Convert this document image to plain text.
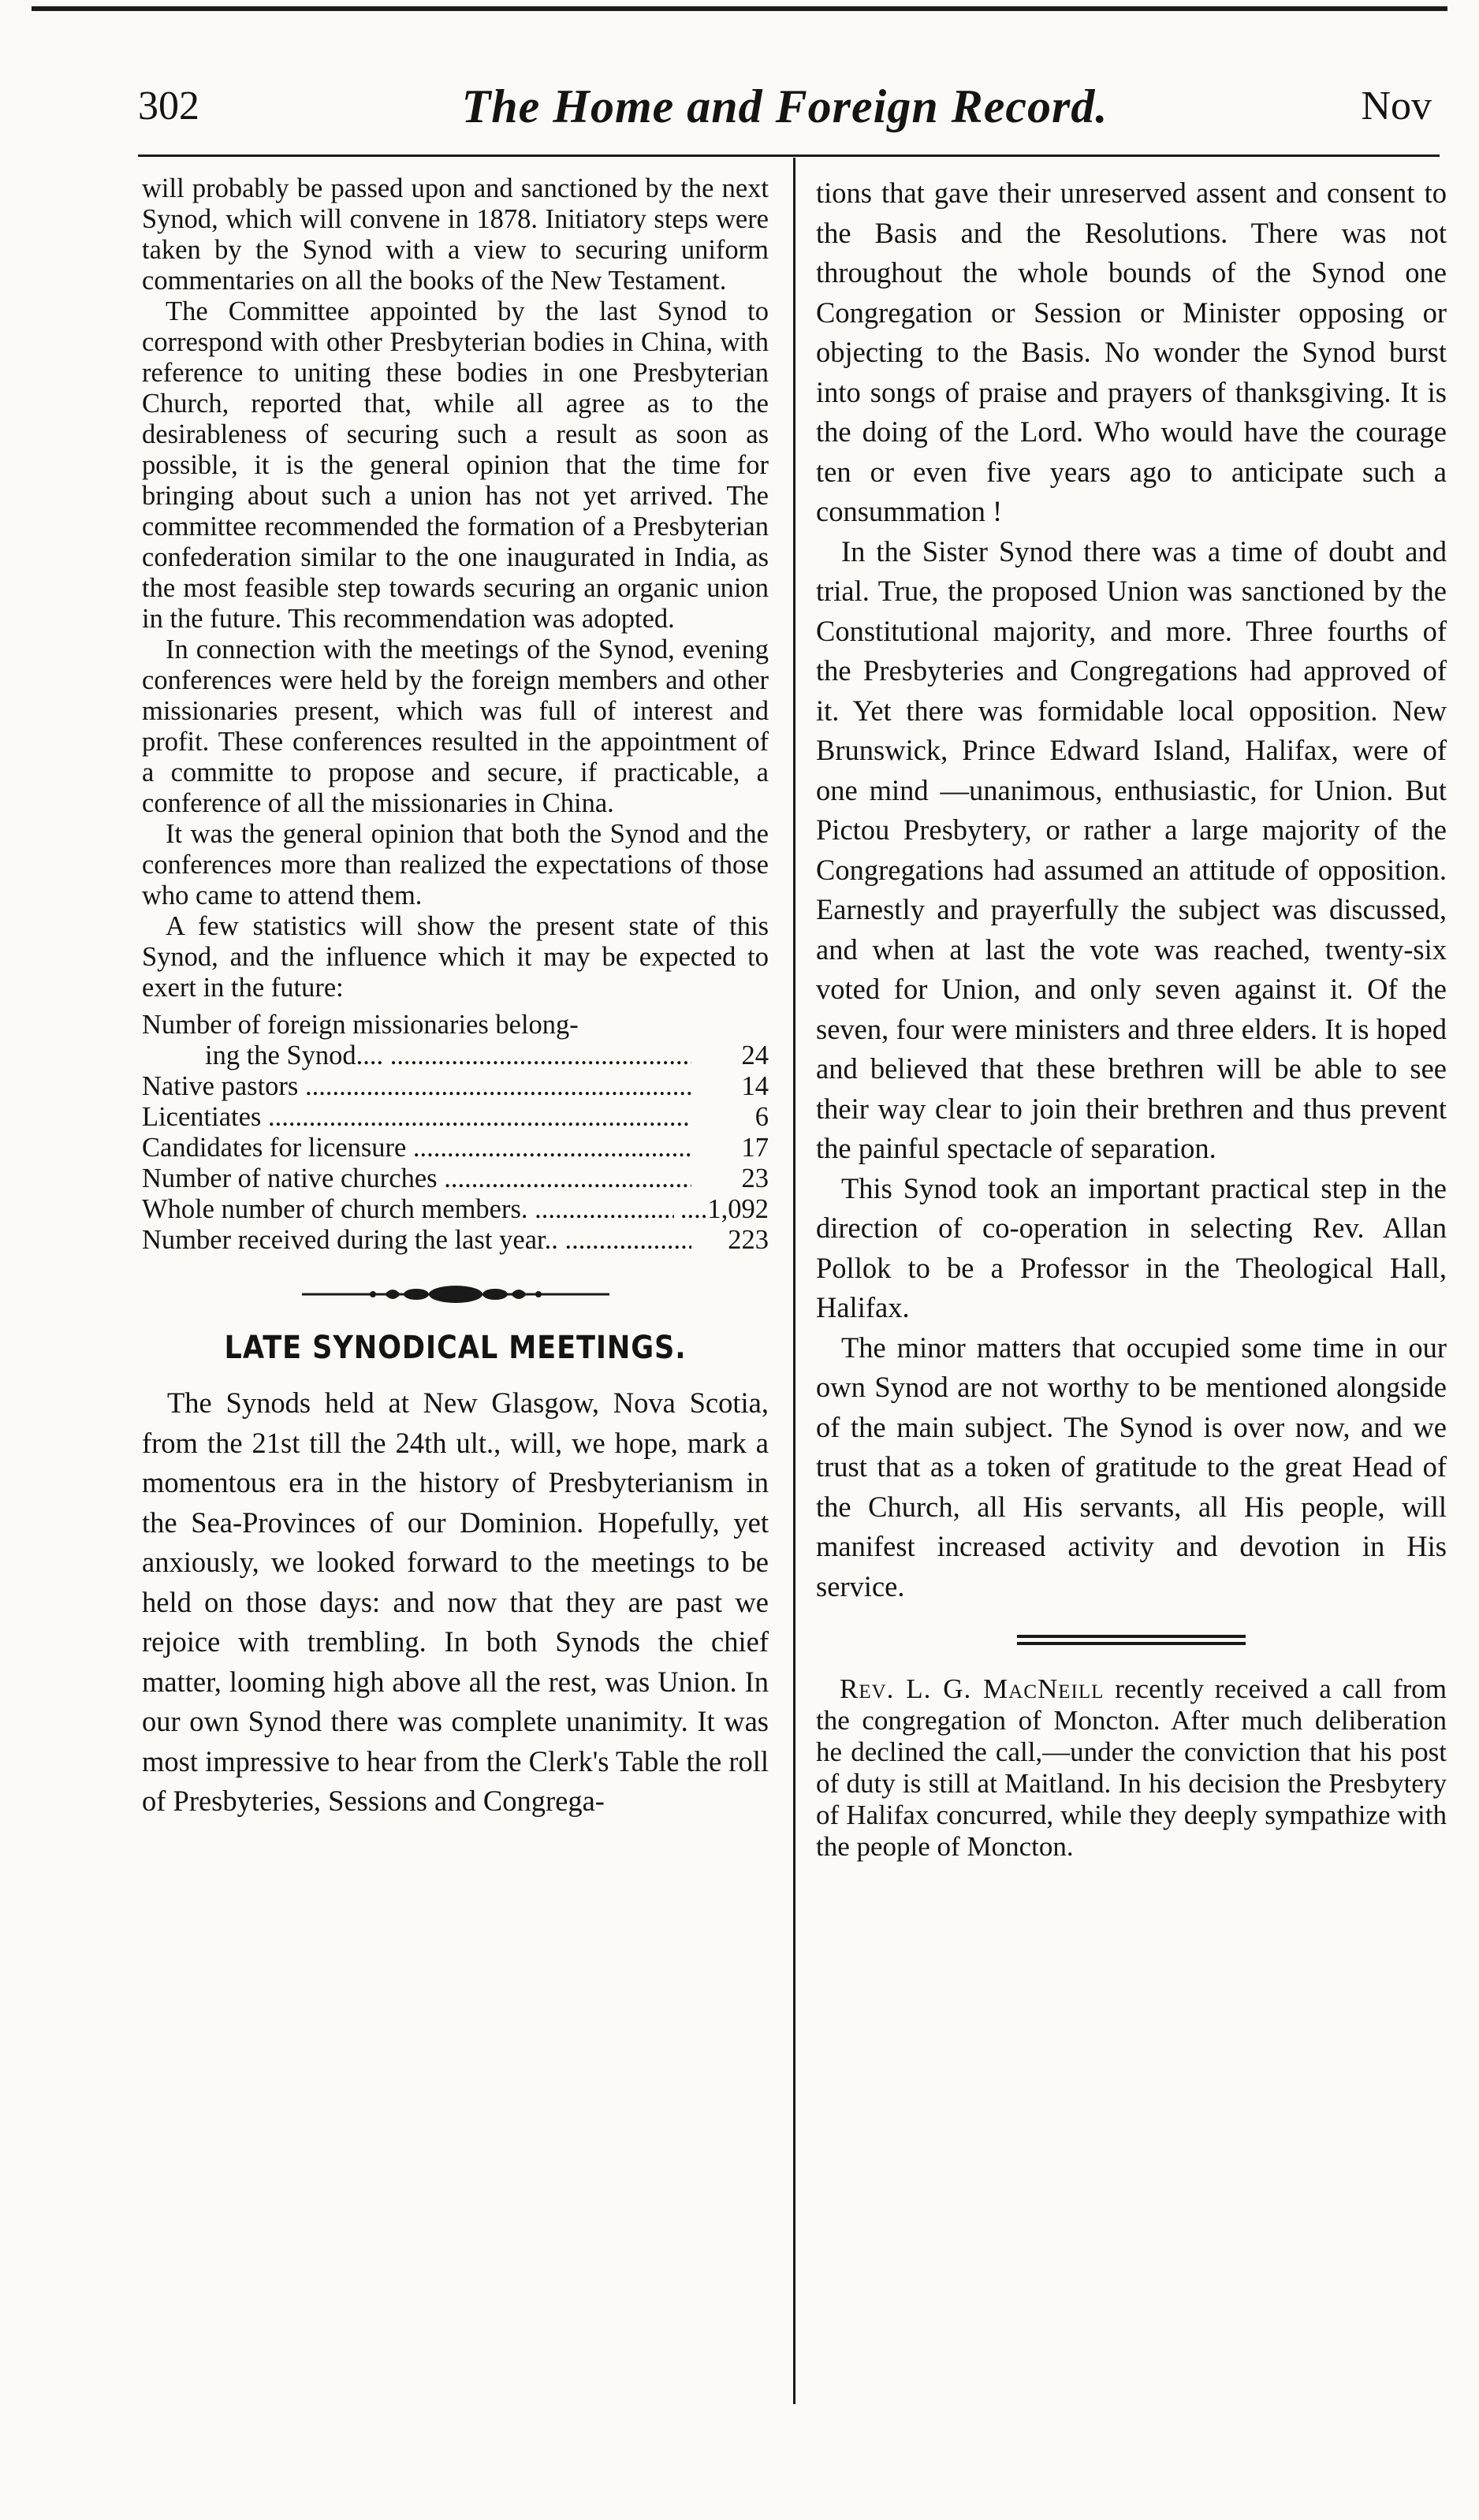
302	The Home and Foreign Record.	Nov

will probably be passed upon and sanctioned by the next Synod, which will convene in 1878. Initiatory steps were taken by the Synod with a view to securing uniform commentaries on all the books of the New Testament.

The Committee appointed by the last Synod to correspond with other Presbyterian bodies in China, with reference to uniting these bodies in one Presbyterian Church, reported that, while all agree as to the desirableness of securing such a result as soon as possible, it is the general opinion that the time for bringing about such a union has not yet arrived. The committee recommended the formation of a Presbyterian confederation similar to the one inaugurated in India, as the most feasible step towards securing an organic union in the future. This recommendation was adopted.

In connection with the meetings of the Synod, evening conferences were held by the foreign members and other missionaries present, which was full of interest and profit. These conferences resulted in the appointment of a committe to propose and secure, if practicable, a conference of all the missionaries in China.

It was the general opinion that both the Synod and the conferences more than realized the expectations of those who came to attend them.

A few statistics will show the present state of this Synod, and the influence which it may be expected to exert in the future:

Number of foreign missionaries belong-
ing the Synod.... .....	24
Native pastors .....	14
Licentiates .....	6
Candidates for licensure .....	17
Number of native churches .....	23
Whole number of church members. .....	....1,092
Number received during the last year.. .....	223
LATE SYNODICAL MEETINGS.

The Synods held at New Glasgow, Nova Scotia, from the 21st till the 24th ult., will, we hope, mark a momentous era in the history of Presbyterianism in the Sea-Provinces of our Dominion. Hopefully, yet anxiously, we looked forward to the meetings to be held on those days: and now that they are past we rejoice with trembling. In both Synods the chief matter, looming high above all the rest, was Union. In our own Synod there was complete unanimity. It was most impressive to hear from the Clerk's Table the roll of Presbyteries, Sessions and Congrega-

tions that gave their unreserved assent and consent to the Basis and the Resolutions. There was not throughout the whole bounds of the Synod one Congregation or Session or Minister opposing or objecting to the Basis. No wonder the Synod burst into songs of praise and prayers of thanksgiving. It is the doing of the Lord. Who would have the courage ten or even five years ago to anticipate such a consummation !

In the Sister Synod there was a time of doubt and trial. True, the proposed Union was sanctioned by the Constitutional majority, and more. Three fourths of the Presbyteries and Congregations had approved of it. Yet there was formidable local opposition. New Brunswick, Prince Edward Island, Halifax, were of one mind —unanimous, enthusiastic, for Union. But Pictou Presbytery, or rather a large majority of the Congregations had assumed an attitude of opposition. Earnestly and prayerfully the subject was discussed, and when at last the vote was reached, twenty-six voted for Union, and only seven against it. Of the seven, four were ministers and three elders. It is hoped and believed that these brethren will be able to see their way clear to join their brethren and thus prevent the painful spectacle of separation.

This Synod took an important practical step in the direction of co-operation in selecting Rev. Allan Pollok to be a Professor in the Theological Hall, Halifax.

The minor matters that occupied some time in our own Synod are not worthy to be mentioned alongside of the main subject. The Synod is over now, and we trust that as a token of gratitude to the great Head of the Church, all His servants, all His people, will manifest increased activity and devotion in His service.

Rev. L. G. MacNeill recently received a call from the congregation of Moncton. After much deliberation he declined the call,—under the conviction that his post of duty is still at Maitland. In his decision the Presbytery of Halifax concurred, while they deeply sympathize with the people of Moncton.
